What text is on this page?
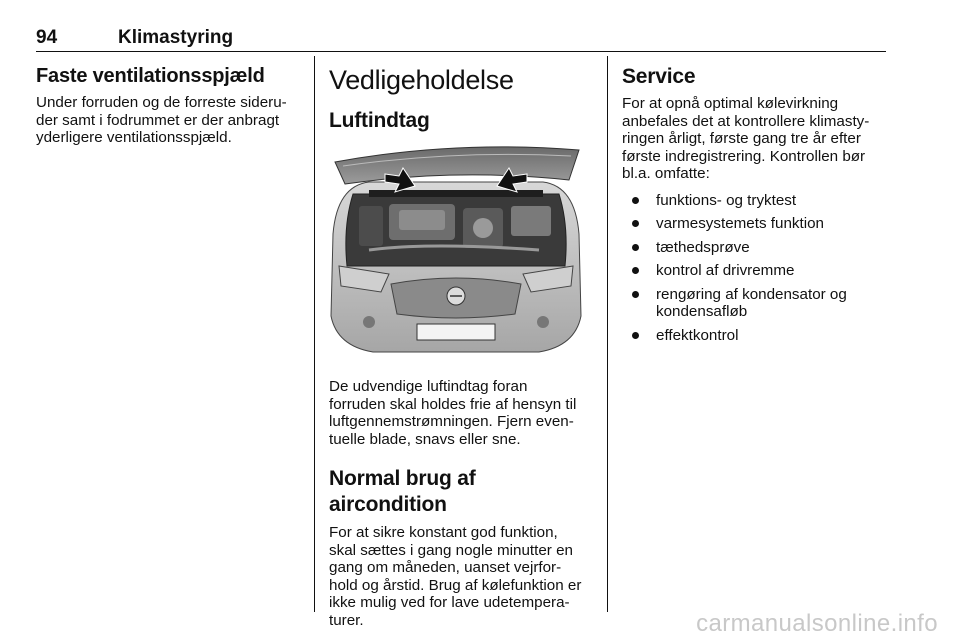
94	Klimastyring
Faste ventilationsspjæld

Under forruden og de forreste sideru-

der samt i fodrummet er der anbragt

yderligere ventilationsspjæld.

Vedligeholdelse
Luftindtag

De udvendige luftindtag foran

forruden skal holdes frie af hensyn til

luftgennemstrømningen. Fjern even-

tuelle blade, snavs eller sne.

Normal brug af aircondition

For at sikre konstant god funktion,

skal sættes i gang nogle minutter en

gang om måneden, uanset vejrfor-

hold og årstid. Brug af kølefunktion er

ikke mulig ved for lave udetempera-

turer.

Service

For at opnå optimal kølevirkning

anbefales det at kontrollere klimasty-

ringen årligt, første gang tre år efter

første indregistrering. Kontrollen bør

bl.a. omfatte:

funktions- og tryktest
varmesystemets funktion
tæthedsprøve
kontrol af drivremme
rengøring af kondensator og
kondensafløb
effektkontrol
carmanualsonline.info
